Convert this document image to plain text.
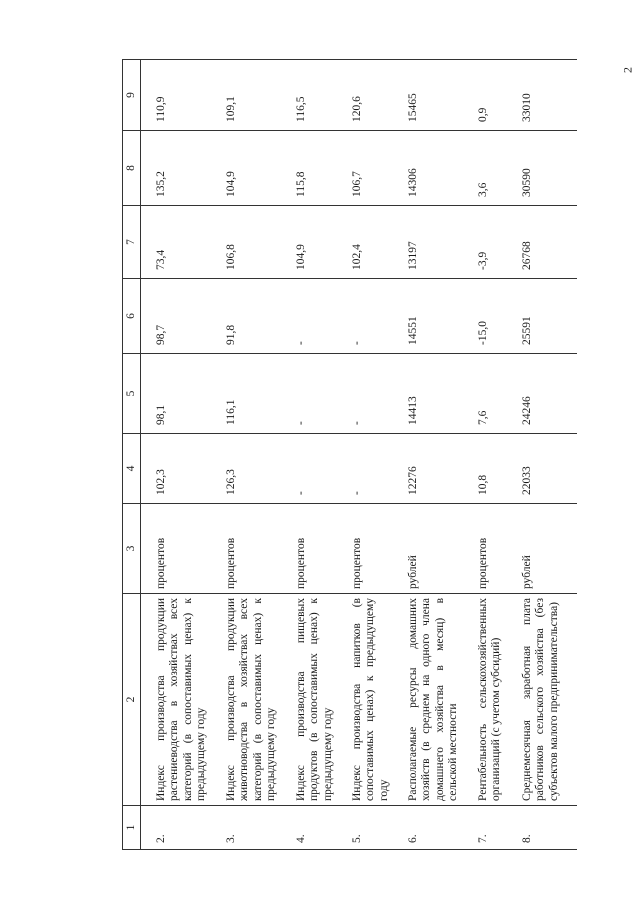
2
1	2	3	4	5	6	7	8	9
2.	Индекс производства продукции растениеводства в хозяйствах всех категорий (в сопоставимых ценах) к предыдущему году	процентов	102,3	98,1	98,7	73,4	135,2	110,9
3.	Индекс производства продукции животноводства в хозяйствах всех категорий (в сопоставимых ценах) к предыдущему году	процентов	126,3	116,1	91,8	106,8	104,9	109,1
4.	Индекс производства пищевых продуктов (в сопоставимых ценах) к предыдущему году	процентов	-	-	-	104,9	115,8	116,5
5.	Индекс производства напитков (в сопоставимых ценах) к предыдущему году	процентов	-	-	-	102,4	106,7	120,6
6.	Располагаемые ресурсы домашних хозяйств (в среднем на одного члена домашнего хозяйства в месяц) в сельской местности	рублей	12276	14413	14551	13197	14306	15465
7.	Рентабельность сельскохозяйственных организаций (с учетом субсидий)	процентов	10,8	7,6	-15,0	-3,9	3,6	0,9
8.	Среднемесячная заработная плата работников сельского хозяйства (без субъектов малого предпринимательства)	рублей	22033	24246	25591	26768	30590	33010
